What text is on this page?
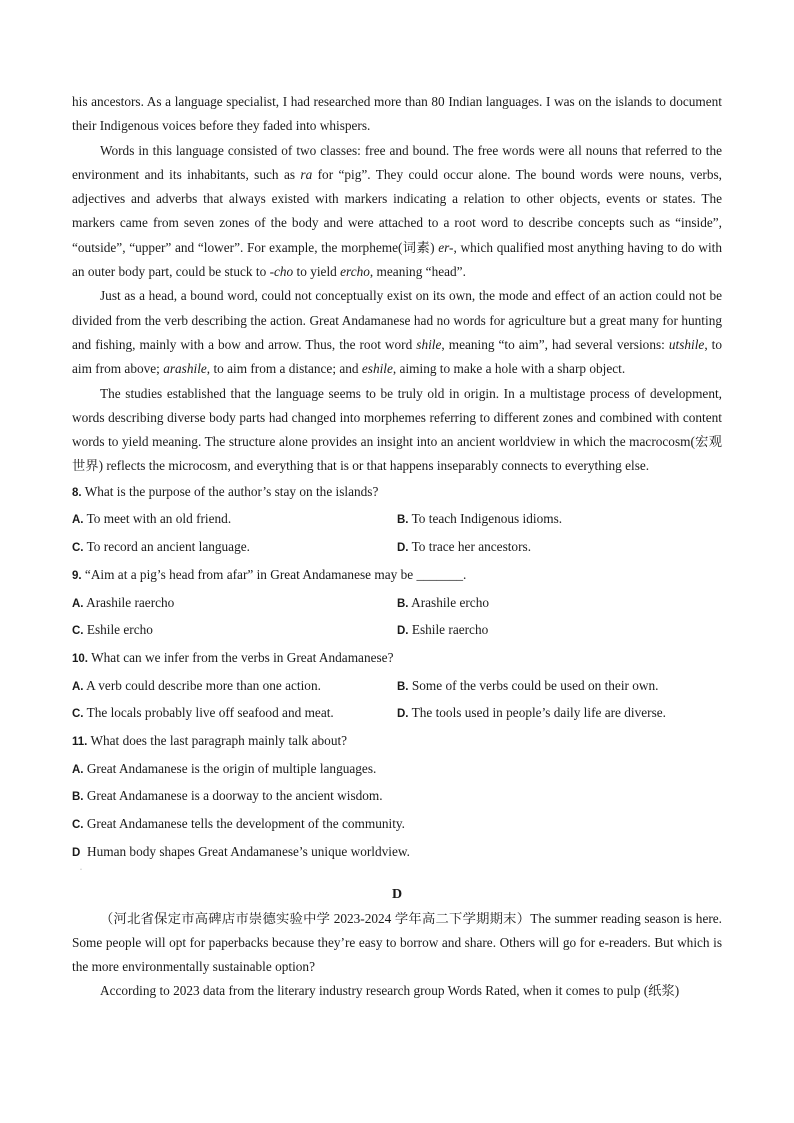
his ancestors. As a language specialist, I had researched more than 80 Indian languages. I was on the islands to document their Indigenous voices before they faded into whispers.

Words in this language consisted of two classes: free and bound. The free words were all nouns that referred to the environment and its inhabitants, such as ra for “pig”. They could occur alone. The bound words were nouns, verbs, adjectives and adverbs that always existed with markers indicating a relation to other objects, events or states. The markers came from seven zones of the body and were attached to a root word to describe concepts such as “inside”, “outside”, “upper” and “lower”. For example, the morpheme(词素) er-, which qualified most anything having to do with an outer body part, could be stuck to -cho to yield ercho, meaning “head”.

Just as a head, a bound word, could not conceptually exist on its own, the mode and effect of an action could not be divided from the verb describing the action. Great Andamanese had no words for agriculture but a great many for hunting and fishing, mainly with a bow and arrow. Thus, the root word shile, meaning “to aim”, had several versions: utshile, to aim from above; arashile, to aim from a distance; and eshile, aiming to make a hole with a sharp object.

The studies established that the language seems to be truly old in origin. In a multistage process of development, words describing diverse body parts had changed into morphemes referring to different zones and combined with content words to yield meaning. The structure alone provides an insight into an ancient worldview in which the macrocosm(宏观世界) reflects the microcosm, and everything that is or that happens inseparably connects to everything else.

8. What is the purpose of the author’s stay on the islands?
A. To meet with an old friend.	B. To teach Indigenous idioms.
C. To record an ancient language.	D. To trace her ancestors.
9. “Aim at a pig’s head from afar” in Great Andamanese may be _______.
A. Arashile raercho	B. Arashile ercho
C. Eshile ercho	D. Eshile raercho
10. What can we infer from the verbs in Great Andamanese?
A. A verb could describe more than one action.	B. Some of the verbs could be used on their own.
C. The locals probably live off seafood and meat.	D. The tools used in people’s daily life are diverse.
11. What does the last paragraph mainly talk about?
A. Great Andamanese is the origin of multiple languages.
B. Great Andamanese is a doorway to the ancient wisdom.
C. Great Andamanese tells the development of the community.
D Human body shapes Great Andamanese’s unique worldview.
·
D

（河北省保定市高碑店市崇德实验中学 2023-2024 学年高二下学期期末）The summer reading season is here. Some people will opt for paperbacks because they’re easy to borrow and share. Others will go for e-readers. But which is the more environmentally sustainable option?

According to 2023 data from the literary industry research group Words Rated, when it comes to pulp (纸浆)
